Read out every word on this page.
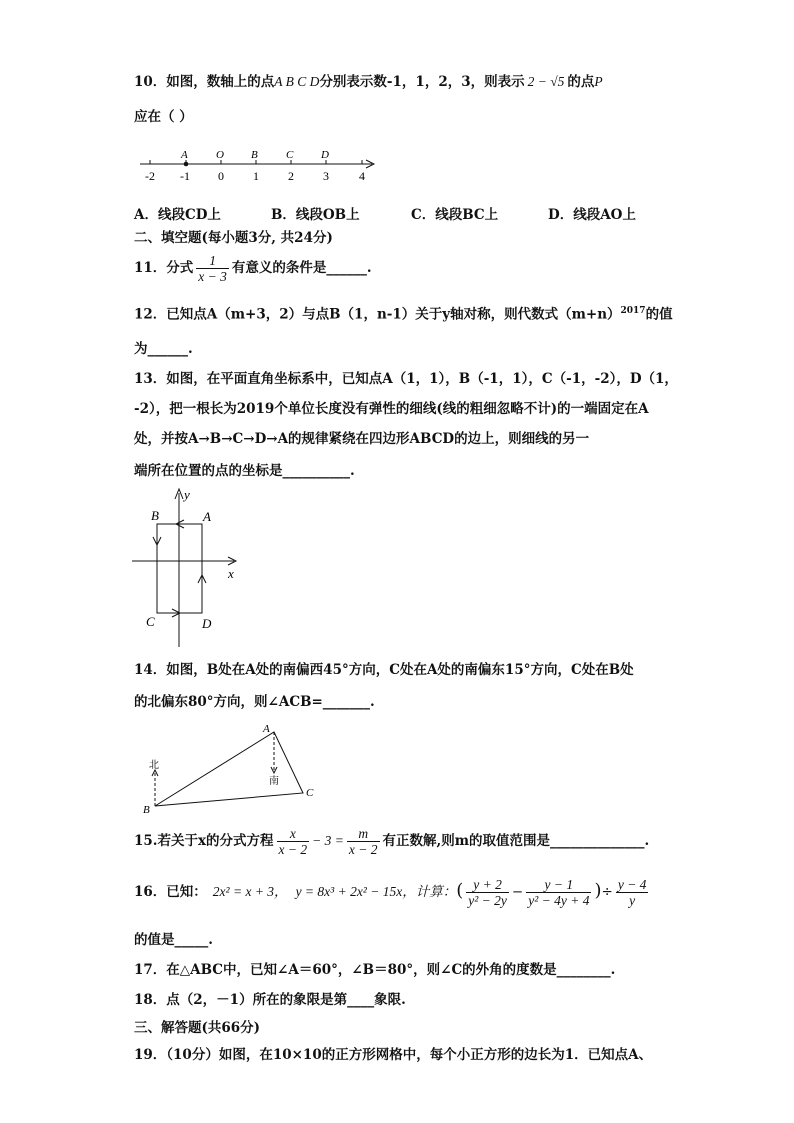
10．如图，数轴上的点A B C D分别表示数-1，1，2，3，则表示 2 − √5 的点P
应在（ ）
-2 -1 0 1 2 3	4
A	O B	C	D
A．线段CD上	B．线段OB上	C．线段BC上	D．线段AO上
二、填空题(每小题3分, 共24分)
11．分式 $\frac{1}{x - 3}$ 有意义的条件是______.
12．已知点A（m+3，2）与点B（1，n-1）关于y轴对称，则代数式$(m+n)^{2017}$的值
为______.
13．如图，在平面直角坐标系中，已知点A（1，1），B（-1，1），C（-1，-2），D（1，
-2），把一根长为2019个单位长度没有弹性的细线(线的粗细忽略不计)的一端固定在A
处，并按A→B→C→D→A的规律紧绕在四边形ABCD的边上，则细线的另一
端所在位置的点的坐标是__________.
y
x
A
B
C	D
14．如图，B处在A处的南偏西45°方向，C处在A处的南偏东15°方向，C处在B处
的北偏东80°方向，则∠ACB=_______.
北
南
A
B
C
15.若关于x的分式方程 $\frac{x}{x - 2} - 3 = \frac{m}{x - 2}$ 有正数解,则m的取值范围是______________.
16．已知： 2x² = x + 3， y = 8x³ + 2x² − 15x，计算：( $\frac{y + 2}{\text{y² − 2y}} - \frac{y - 1}{\text{y² − 4y + 4}}$ )÷ $\frac{y - 4}{y}$
的值是_____.
17．在△ABC中，已知∠A＝60°，∠B＝80°，则∠C的外角的度数是________.
18．点（2，－1）所在的象限是第____象限.
三、解答题(共66分)
19．（10分）如图，在10×10的正方形网格中，每个小正方形的边长为1．已知点A、
